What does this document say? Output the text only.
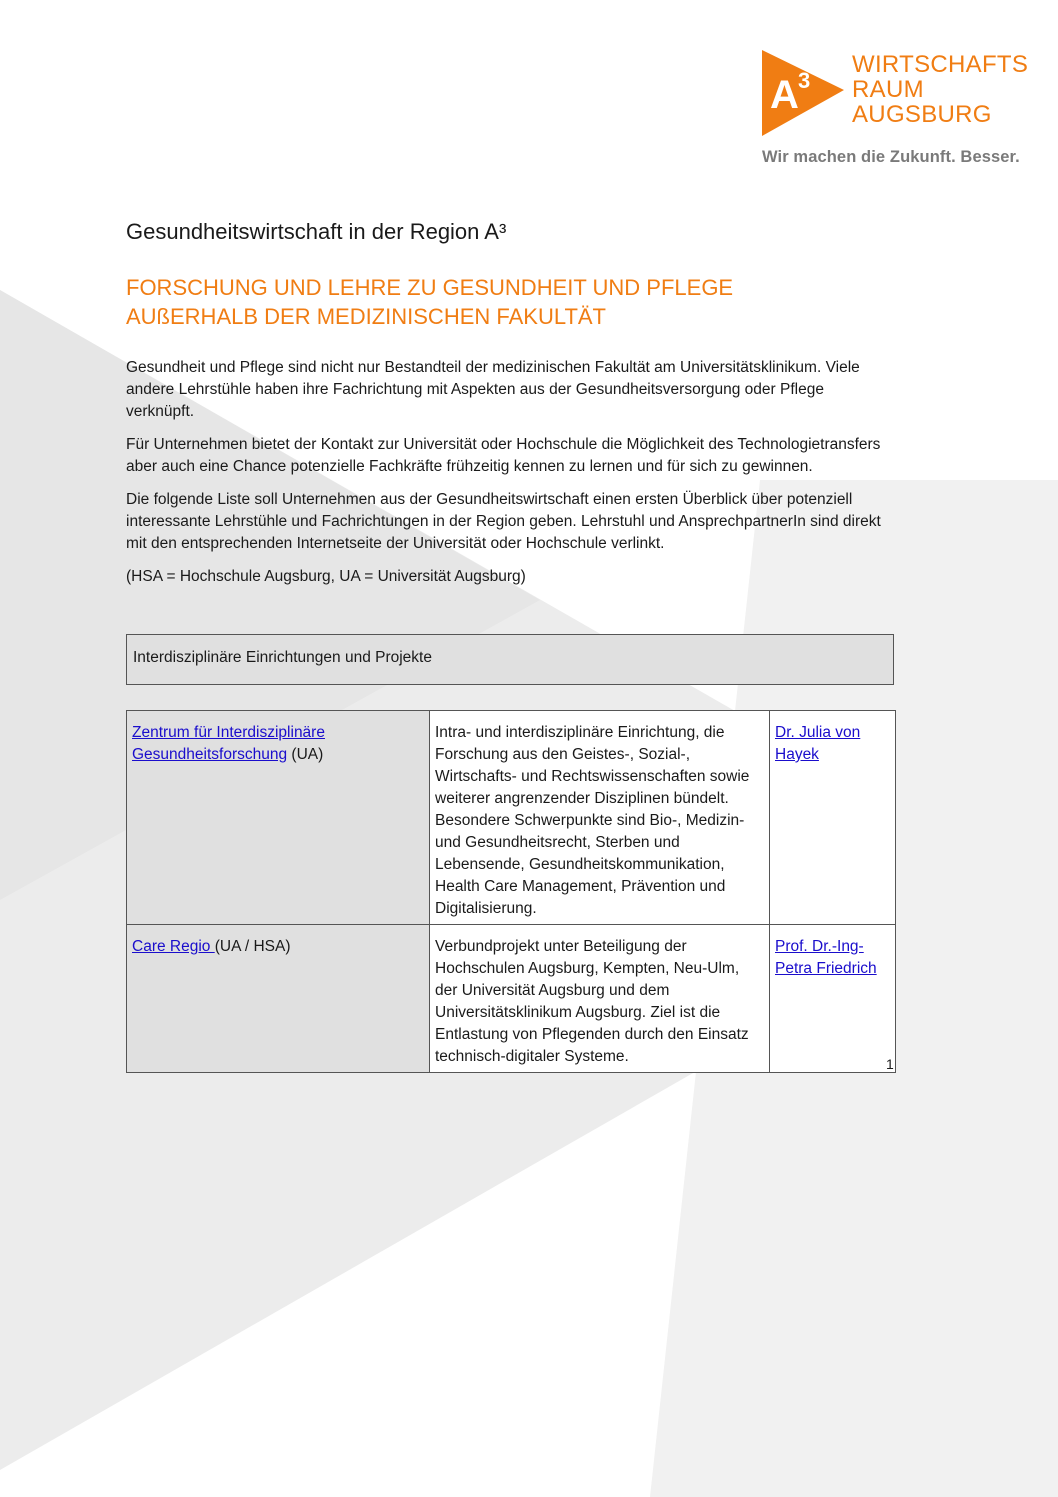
A 3
WIRTSCHAFTS
RAUM
AUGSBURG
Wir machen die Zukunft. Besser.
Gesundheitswirtschaft in der Region A³
FORSCHUNG UND LEHRE ZU GESUNDHEIT UND PFLEGE
AUßERHALB DER MEDIZINISCHEN FAKULTÄT

Gesundheit und Pflege sind nicht nur Bestandteil der medizinischen Fakultät am Universitätsklinikum. Viele andere Lehrstühle haben ihre Fachrichtung mit Aspekten aus der Gesundheitsversorgung oder Pflege verknüpft.

Für Unternehmen bietet der Kontakt zur Universität oder Hochschule die Möglichkeit des Technologietransfers aber auch eine Chance potenzielle Fachkräfte frühzeitig kennen zu lernen und für sich zu gewinnen.

Die folgende Liste soll Unternehmen aus der Gesundheitswirtschaft einen ersten Überblick über potenziell interessante Lehrstühle und Fachrichtungen in der Region geben. Lehrstuhl und AnsprechpartnerIn sind direkt mit den entsprechenden Internetseite der Universität oder Hochschule verlinkt.

(HSA = Hochschule Augsburg, UA = Universität Augsburg)

Interdisziplinäre Einrichtungen und Projekte
Zentrum für Interdisziplinäre Gesundheitsforschung (UA)	Intra- und interdisziplinäre Einrichtung, die Forschung aus den Geistes-, Sozial-, Wirtschafts- und Rechtswissenschaften sowie weiterer angrenzender Disziplinen bündelt. Besondere Schwerpunkte sind Bio-, Medizin- und Gesundheitsrecht, Sterben und Lebensende, Gesundheitskommunikation, Health Care Management, Prävention und Digitalisierung.	Dr. Julia von Hayek
Care Regio (UA / HSA)	Verbundprojekt unter Beteiligung der Hochschulen Augsburg, Kempten, Neu-Ulm, der Universität Augsburg und dem Universitätsklinikum Augsburg. Ziel ist die Entlastung von Pflegenden durch den Einsatz technisch-digitaler Systeme.	Prof. Dr.-Ing-Petra Friedrich
1
